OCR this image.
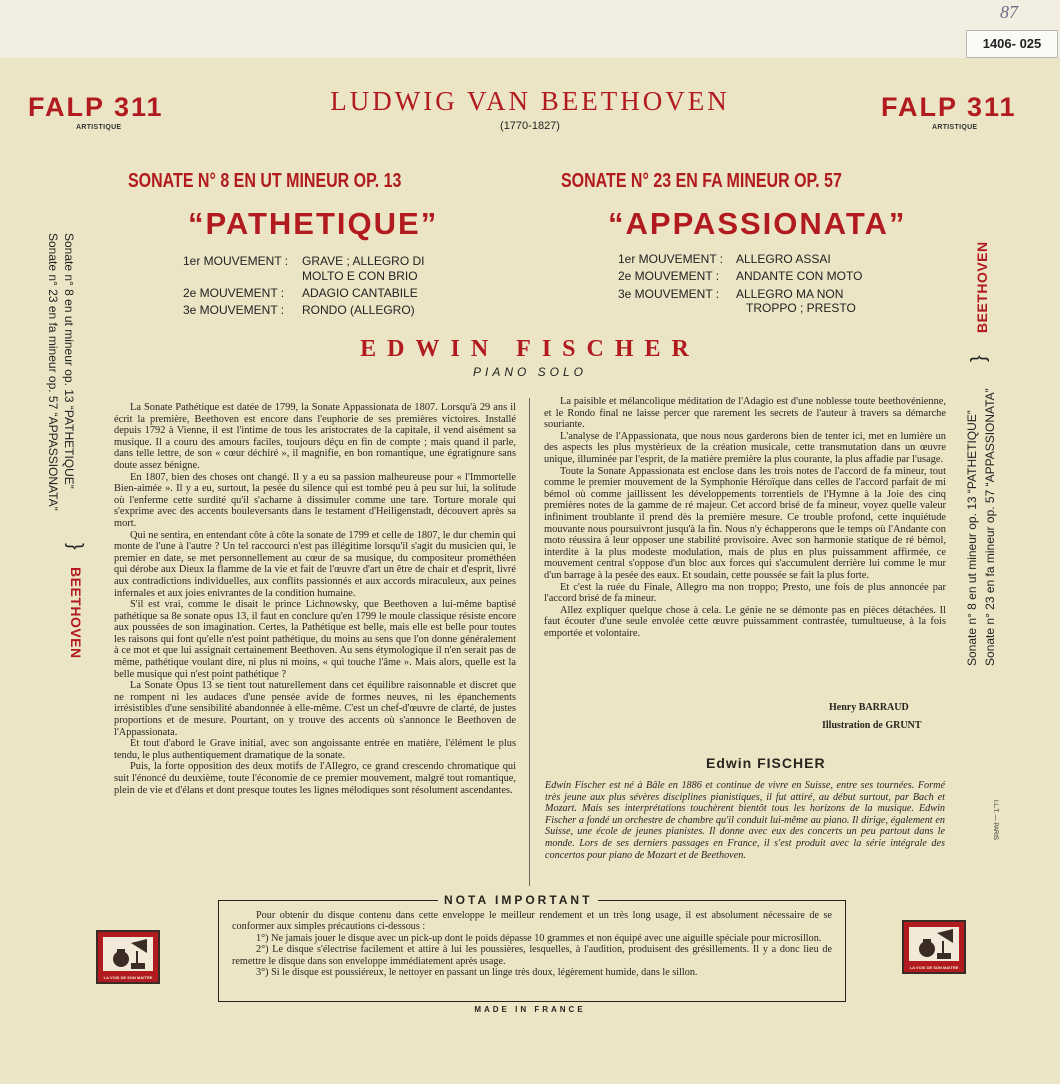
87
1406- 025
FALP 311
ARTISTIQUE
FALP 311
ARTISTIQUE
LUDWIG VAN BEETHOVEN
(1770-1827)
SONATE N° 8 EN UT MINEUR OP. 13	SONATE N° 23 EN FA MINEUR OP. 57
“PATHETIQUE”	“APPASSIONATA”
1er MOUVEMENT : GRAVE ; ALLEGRO DI
MOLTO E CON BRIO
2e MOUVEMENT : ADAGIO CANTABILE
3e MOUVEMENT : RONDO (ALLEGRO)
1er MOUVEMENT : ALLEGRO ASSAI
2e MOUVEMENT : ANDANTE CON MOTO
3e MOUVEMENT : ALLEGRO MA NON
TROPPO ; PRESTO
EDWIN FISCHER
PIANO SOLO
Sonate n° 8 en ut mineur op. 13 “PATHETIQUE”
Sonate n° 23 en fa mineur op. 57 “APPASSIONATA”
}
BEETHOVEN	Sonate n° 8 en ut mineur op. 13 “PATHETIQUE” Sonate n° 23 en fa mineur op. 57 “APPASSIONATA”
}
BEETHOVEN

La Sonate Pathétique est datée de 1799, la Sonate Appassionata de 1807. Lorsqu'à 29 ans il écrit la première, Beethoven est encore dans l'euphorie de ses premières victoires. Installé depuis 1792 à Vienne, il est l'intime de tous les aristocrates de la capitale, il vend aisément sa musique. Il a couru des amours faciles, toujours déçu en fin de compte ; mais quand il parle, dans telle lettre, de son « cœur déchiré », il magnifie, en bon romantique, une égratignure sans doute assez bénigne.

En 1807, bien des choses ont changé. Il y a eu sa passion malheureuse pour « l'Immortelle Bien-aimée ». Il y a eu, surtout, la pesée du silence qui est tombé peu à peu sur lui, la solitude où l'enferme cette surdité qu'il s'acharne à dissimuler comme une tare. Torture morale qui s'exprime avec des accents bouleversants dans le testament d'Heiligenstadt, découvert après sa mort.

Qui ne sentira, en entendant côte à côte la sonate de 1799 et celle de 1807, le dur chemin qui monte de l'une à l'autre ? Un tel raccourci n'est pas illégitime lorsqu'il s'agit du musicien qui, le premier en date, se met personnellement au cœur de sa musique, du compositeur prométhéen qui dérobe aux Dieux la flamme de la vie et fait de l'œuvre d'art un être de chair et d'esprit, livré aux contradictions individuelles, aux conflits passionnés et aux accords miraculeux, aux peines infernales et aux joies enivrantes de la condition humaine.

S'il est vrai, comme le disait le prince Lichnowsky, que Beethoven a lui-même baptisé pathétique sa 8e sonate opus 13, il faut en conclure qu'en 1799 le moule classique résiste encore aux poussées de son imagination. Certes, la Pathétique est belle, mais elle est belle pour toutes les raisons qui font qu'elle n'est point pathétique, du moins au sens que l'on donne généralement à ce mot et que lui assignait certainement Beethoven. Au sens étymologique il n'en serait pas de même, pathétique voulant dire, ni plus ni moins, « qui touche l'âme ». Mais alors, quelle est la belle musique qui n'est point pathétique ?

La Sonate Opus 13 se tient tout naturellement dans cet équilibre raisonnable et discret que ne rompent ni les audaces d'une pensée avide de formes neuves, ni les épanchements irrésistibles d'une sensibilité abandonnée à elle-même. C'est un chef-d'œuvre de clarté, de justes proportions et de mesure. Pourtant, on y trouve des accents où s'annonce le Beethoven de l'Appassionata.

Et tout d'abord le Grave initial, avec son angoissante entrée en matière, l'élément le plus tendu, le plus authentiquement dramatique de la sonate.

Puis, la forte opposition des deux motifs de l'Allegro, ce grand crescendo chromatique qui suit l'énoncé du deuxième, toute l'économie de ce premier mouvement, malgré tout romantique, plein de vie et d'élans et dont presque toutes les lignes mélodiques sont résolument ascendantes.

La paisible et mélancolique méditation de l'Adagio est d'une noblesse toute beethovénienne, et le Rondo final ne laisse percer que rarement les secrets de l'auteur à travers sa démarche souriante.

L'analyse de l'Appassionata, que nous nous garderons bien de tenter ici, met en lumière un des aspects les plus mystérieux de la création musicale, cette transmutation dans un œuvre unique, illuminée par l'esprit, de la matière première la plus courante, la plus affadie par l'usage.

Toute la Sonate Appassionata est enclose dans les trois notes de l'accord de fa mineur, tout comme le premier mouvement de la Symphonie Héroïque dans celles de l'accord parfait de mi bémol où comme jaillissent les développements torrentiels de l'Hymne à la Joie des cinq premières notes de la gamme de ré majeur. Cet accord brisé de fa mineur, voyez quelle valeur infiniment troublante il prend dès la première mesure. Ce trouble profond, cette inquiétude mouvante nous poursuivront jusqu'à la fin. Nous n'y échapperons que le temps où l'Andante con moto réussira à leur opposer une stabilité provisoire. Avec son harmonie statique de ré bémol, interdite à la plus modeste modulation, mais de plus en plus puissamment affirmée, ce mouvement central s'oppose d'un bloc aux forces qui s'accumulent derrière lui comme le mur d'un barrage à la pesée des eaux. Et soudain, cette poussée se fait la plus forte.

Et c'est la ruée du Finale, Allegro ma non troppo; Presto, une fois de plus annoncée par l'accord brisé de fa mineur.

Allez expliquer quelque chose à cela. Le génie ne se démonte pas en pièces détachées. Il faut écouter d'une seule envolée cette œuvre puissamment contrastée, tumultueuse, à la fois emportée et volontaire.

Henry BARRAUD
Illustration de GRUNT
Edwin FISCHER
Edwin Fischer est né à Bâle en 1886 et continue de vivre en Suisse, entre ses tournées. Formé très jeune aux plus sévères disciplines pianistiques, il fut attiré, au début surtout, par Bach et Mozart. Mais ses interprétations touchèrent bientôt tous les horizons de la musique. Edwin Fischer a fondé un orchestre de chambre qu'il conduit lui-même au piano. Il dirige, également en Suisse, une école de jeunes pianistes. Il donne avec eux des concerts un peu partout dans le monde. Lors de ses derniers passages en France, il s'est produit avec la série intégrale des concertos pour piano de Mozart et de Beethoven.
NOTA IMPORTANT

Pour obtenir du disque contenu dans cette enveloppe le meilleur rendement et un très long usage, il est absolument nécessaire de se conformer aux simples précautions ci-dessous :

1°) Ne jamais jouer le disque avec un pick-up dont le poids dépasse 10 grammes et non équipé avec une aiguille spéciale pour microsillon.

2°) Le disque s'électrise facilement et attire à lui les poussières, lesquelles, à l'audition, produisent des grésillements. Il y a donc lieu de remettre le disque dans son enveloppe immédiatement après usage.

3°) Si le disque est poussiéreux, le nettoyer en passant un linge très doux, légèrement humide, dans le sillon.

MADE IN FRANCE
LA VOIX DE SON MAITRE
LA VOIX DE SON MAITRE
I.L.T. — PARIS
